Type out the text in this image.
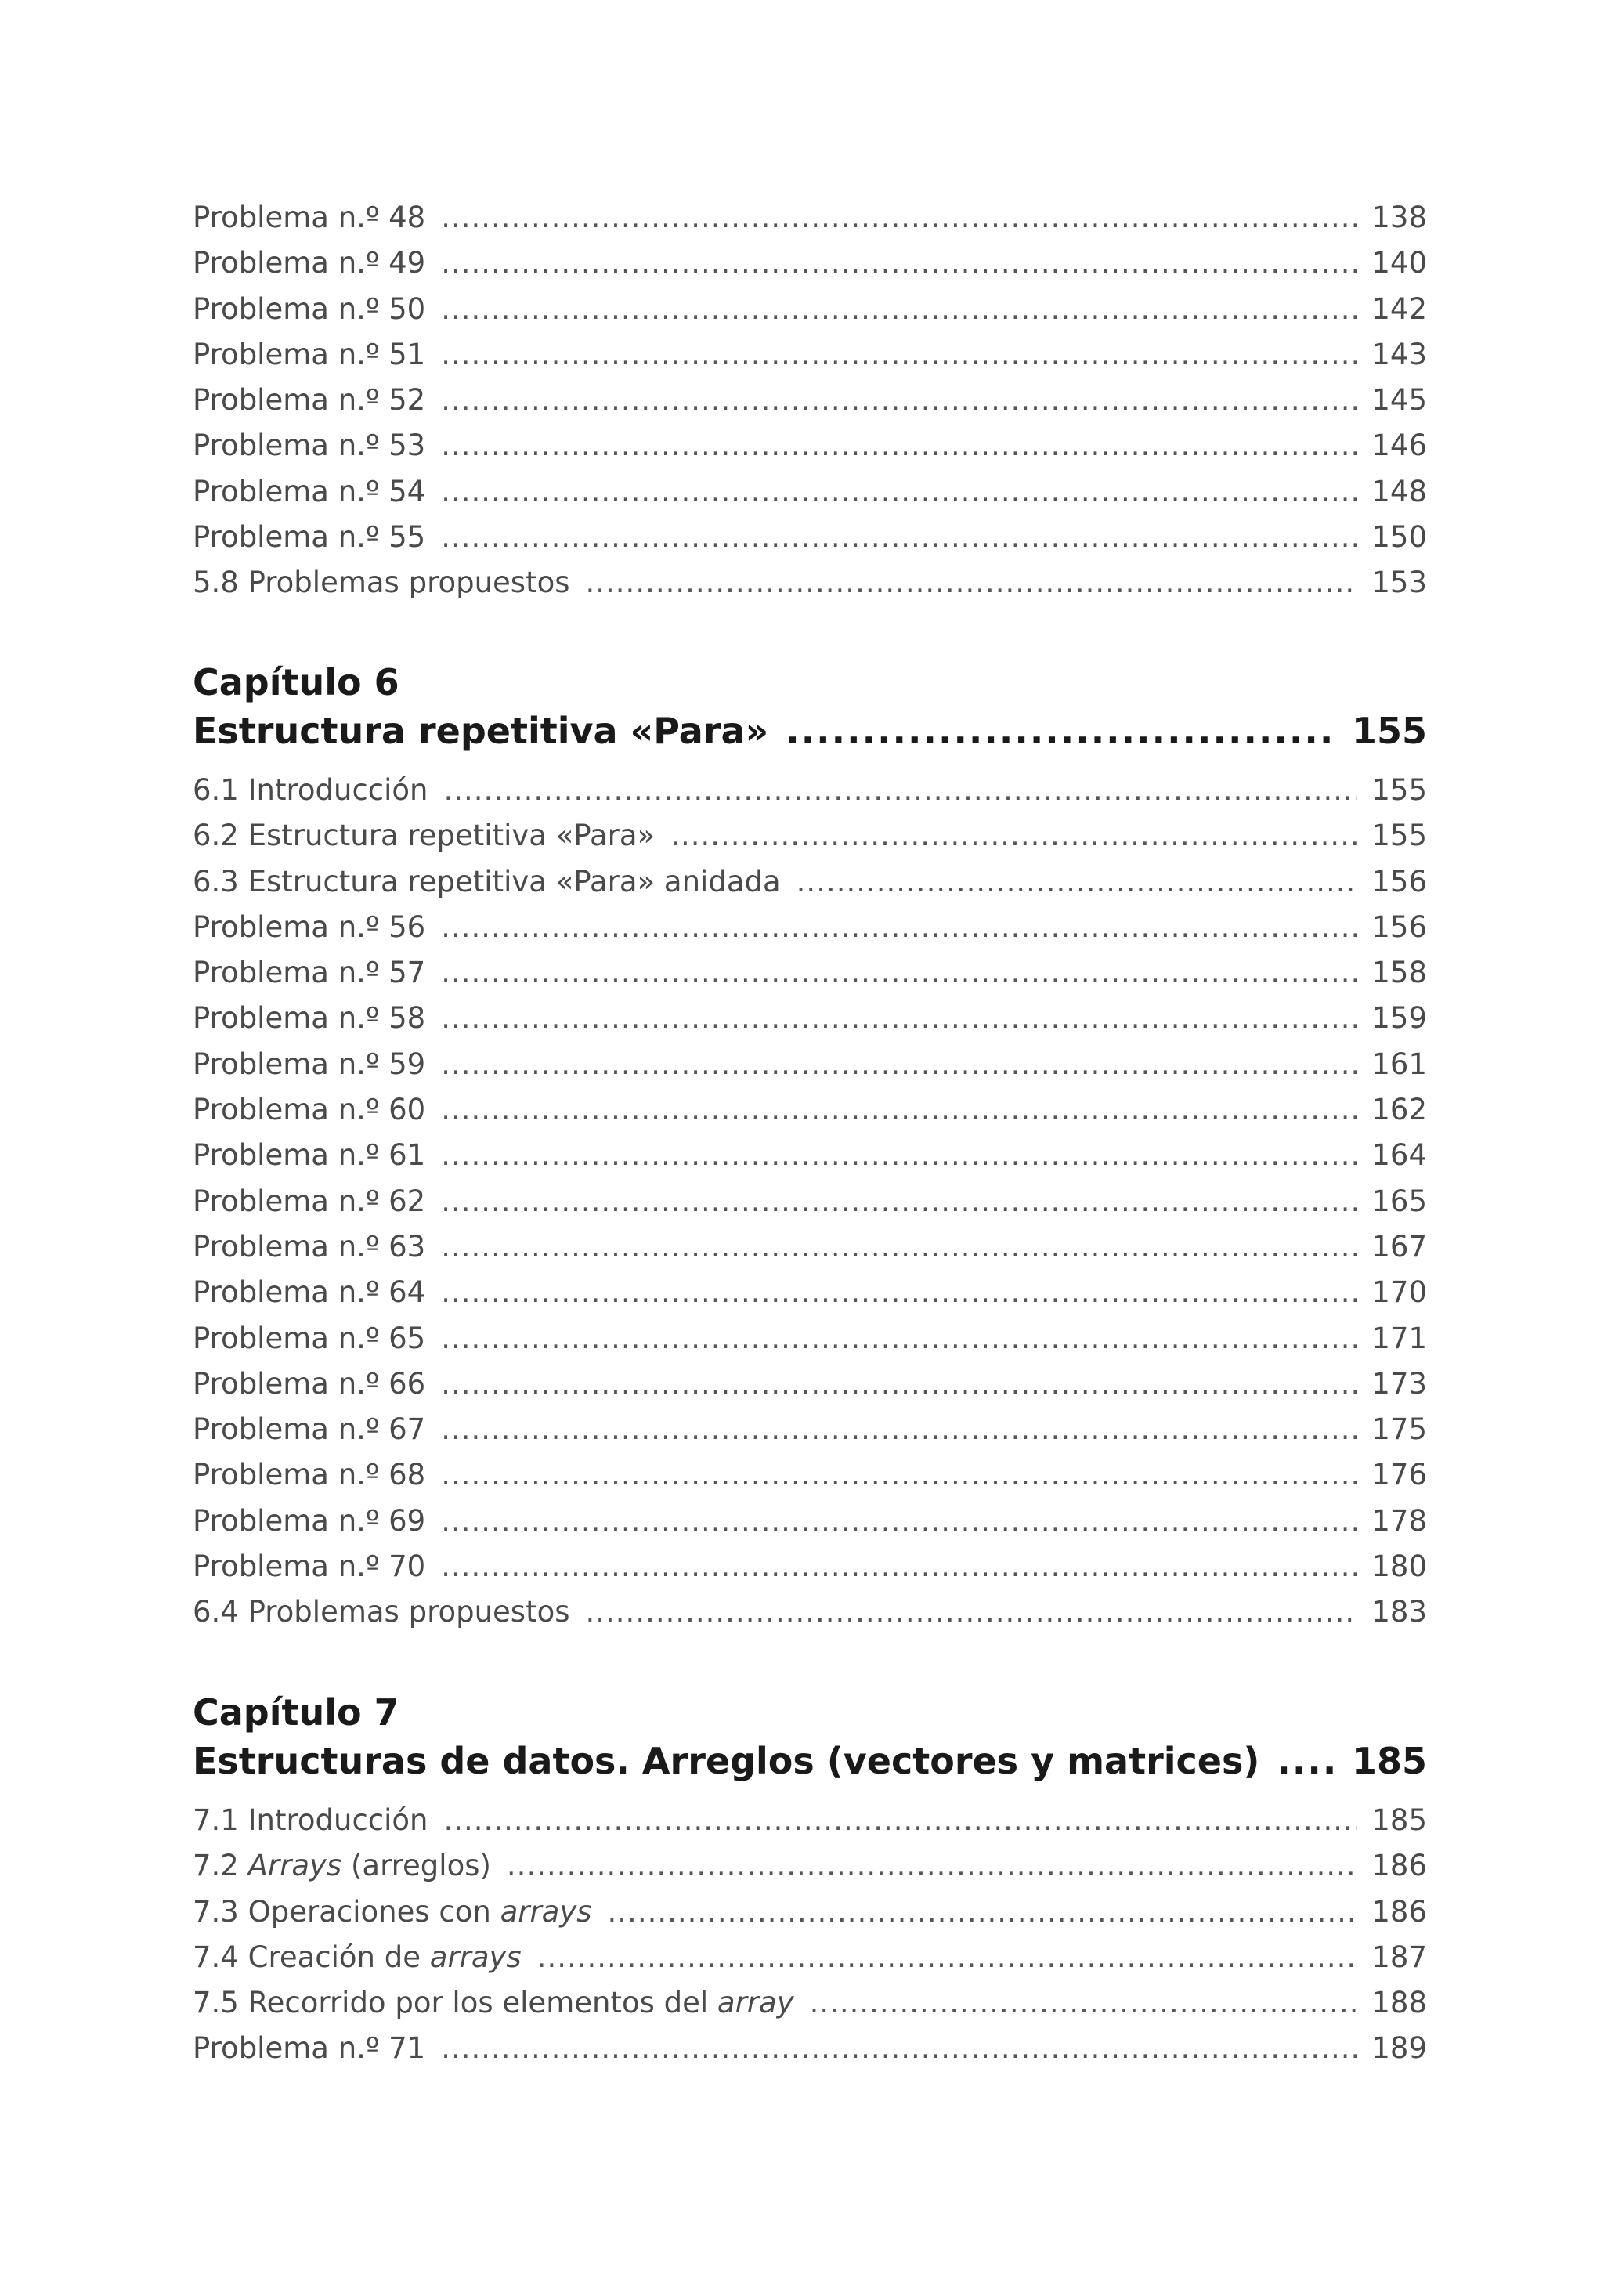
Problema n.º 48 .....	138
Problema n.º 49 .....	140
Problema n.º 50 .....	142
Problema n.º 51 .....	143
Problema n.º 52 .....	145
Problema n.º 53 .....	146
Problema n.º 54 .....	148
Problema n.º 55 .....	150
5.8 Problemas propuestos .....	153
Capítulo 6
Estructura repetitiva «Para» .....	155
6.1 Introducción .....	155
6.2 Estructura repetitiva «Para» .....	155
6.3 Estructura repetitiva «Para» anidada .....	156
Problema n.º 56 .....	156
Problema n.º 57 .....	158
Problema n.º 58 .....	159
Problema n.º 59 .....	161
Problema n.º 60 .....	162
Problema n.º 61 .....	164
Problema n.º 62 .....	165
Problema n.º 63 .....	167
Problema n.º 64 .....	170
Problema n.º 65 .....	171
Problema n.º 66 .....	173
Problema n.º 67 .....	175
Problema n.º 68 .....	176
Problema n.º 69 .....	178
Problema n.º 70 .....	180
6.4 Problemas propuestos .....	183
Capítulo 7
Estructuras de datos. Arreglos (vectores y matrices) .....	185
7.1 Introducción .....	185
7.2 Arrays (arreglos) .....	186
7.3 Operaciones con arrays .....	186
7.4 Creación de arrays .....	187
7.5 Recorrido por los elementos del array .....	188
Problema n.º 71 .....	189
